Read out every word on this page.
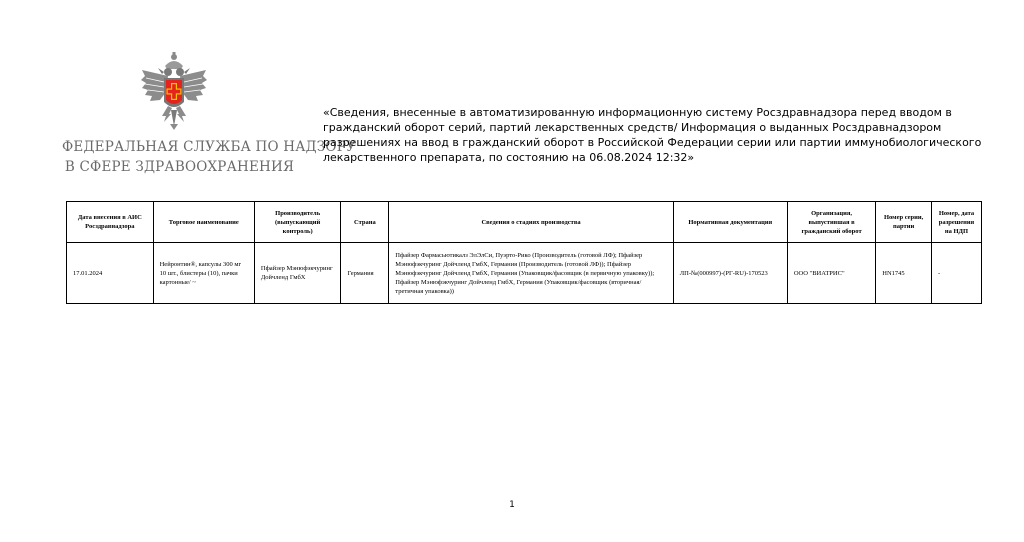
ФЕДЕРАЛЬНАЯ СЛУЖБА ПО НАДЗОРУ
В СФЕРЕ ЗДРАВООХРАНЕНИЯ
«Сведения, внесенные в автоматизированную информационную систему Росздравнадзора перед вводом в гражданский оборот серий, партий лекарственных средств/ Информация о выданных Росздравнадзором разрешениях на ввод в гражданский оборот в Российской Федерации серии или партии иммунобиологического лекарственного препарата, по состоянию на 06.08.2024 12:32»
Дата внесения в АИС Росздравнадзора	Торговое наименование	Производитель (выпускающий контроль)	Страна	Сведения о стадиях производства	Нормативная документация	Организация, выпустившая в гражданский оборот	Номер серии, партии	Номер, дата разрешения на НДП
17.01.2024	Нейронтин®, капсулы 300 мг 10 шт., блистеры (10), пачки картонные/ ~	Пфайзер Мэнюфэкчуринг Дойчленд ГмбХ	Германия	Пфайзер Фармасьютикалз ЭлЭлСи, Пуэрто-Рико (Производитель (готовой ЛФ); Пфайзер Мэнюфэкчуринг Дойчленд ГмбХ, Германия (Производитель (готовой ЛФ)); Пфайзер Мэнюфэкчуринг Дойчленд ГмбХ, Германия (Упаковщик/фасовщик (в первичную упаковку)); Пфайзер Мэнюфэкчуринг Дойчленд ГмбХ, Германия (Упаковщик/фасовщик (вторичная/третичная упаковка))	ЛП-№(000997)-(РГ-RU)-170523	ООО "ВИАТРИС"	HN1745	-
1
